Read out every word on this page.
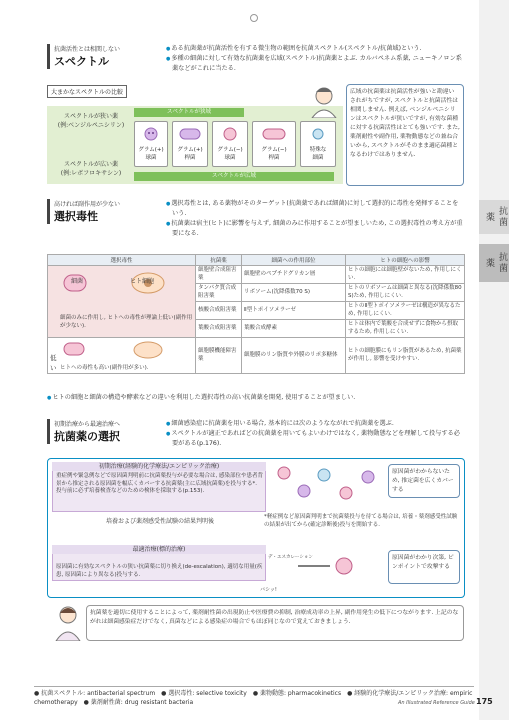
抗菌薬
抗菌薬
抗菌活性とは相関しない
スペクトル

● ある抗菌薬が抗菌活性を有する微生物の範囲を抗菌スペクトル(スペクトル/抗菌域)という.

● 多種の細菌に対して有効な抗菌薬を広域(スペクトル)抗菌薬とよぶ. カルバペネム系薬, ニューキノロン系薬などがこれに当たる.

大まかなスペクトルの比較
スペクトルが狭い薬
(例:ベンジルペニシリン)
スペクトルが広い薬
(例:レボフロキサシン)
スペクトルが狭域
スペクトルが広域
グラム(+)
球菌
グラム(+)
桿菌
グラム(−)
球菌
グラム(−)
桿菌
特殊な
細菌
広域の抗菌薬は抗菌活性が強いと勘違いされがちですが, スペクトルと抗菌活性は相関しません. 例えば, ベンジルペニシリンはスペクトルが狭いですが, 有効な菌種に対する抗菌活性はとても強いです. また, 薬剤耐性や副作用, 薬物動態などの兼ね合いから, スペクトルがそのまま適応菌種となるわけではありません.
高ければ副作用が少ない
選択毒性

● 選択毒性とは, ある薬物がそのターゲット(抗菌薬であれば細菌)に対して選択的に毒性を発揮することをいう.

● 抗菌薬は宿主(ヒト)に影響を与えず, 細菌のみに作用することが望ましいため, この選択毒性の考え方が重要になる.

低い
選択毒性	抗菌薬	細菌への作用部位	ヒトの細胞への影響

細菌のみに作用し, ヒトへの毒性が理論上低い(副作用が少ない).	細胞壁合成阻害薬	細胞壁のペプチドグリカン層	ヒトの細胞には細胞壁がないため, 作用しにくい.
	タンパク質合成阻害薬	リボソーム(沈降係数70 S)	ヒトのリボソームは細菌と異なる(沈降係数80 S)ため, 作用しにくい.
	核酸合成阻害薬	Ⅱ型トポイソメラーゼ	ヒトのⅡ型トポイソメラーゼは構造が異なるため, 作用しにくい.
	葉酸合成阻害薬	葉酸合成酵素	ヒトは体内で葉酸を合成せずに食物から摂取するため, 作用しにくい.

ヒトへの毒性も高い(副作用が多い).	細胞膜機能障害薬	細胞膜のリン脂質や外膜のリポ多糖体	ヒトの細胞膜にもリン脂質があるため, 抗菌薬が作用し, 影響を受けやすい.
細菌	ヒト細胞

● ヒトの細胞と細菌の構造や酵素などの違いを利用した選択毒性の高い抗菌薬を開発, 使用することが望ましい.

初期治療から最適治療へ
抗菌薬の選択

● 細菌感染症に抗菌薬を用いる場合, 基本的には次のようなながれで抗菌薬を選ぶ.

● スペクトルが適正であればどの抗菌薬を用いてもよいわけではなく, 薬物動態などを理解して投与する必要がある(p.176).

初期治療(経験的化学療法/エンピリック治療)

重症例や緊急例などで原因菌判明前に抗菌薬投与が必要な場合は, 感染部位や患者背景から推定される原因菌を幅広くカバーする抗菌薬(主に広域抗菌薬)を投与する*.

投与前に必ず培養検査などのための検体を採取する(p.153).

原因菌がわからないため, 推定菌を広くカバーする
培養および薬剤感受性試験の結果判明後
*軽症例など原因菌判明まで抗菌薬投与を待てる場合は, 培養・薬剤感受性試験の結果が出てから(確定診断後)投与を開始する.
最適治療(標的治療)
デ・エスカレーション

原因菌に有効なスペクトルの狭い抗菌薬に切り換え(de-escalation), 適切な用量(疾患, 原因菌により異なる)投与する.

バシッ!
原因菌がわかり次第, ピンポイントで攻撃する
抗菌薬を適切に使用することによって, 薬剤耐性菌の出現防止や医療費の抑制, 治療成功率の上昇, 副作用発生の低下につながります. 上記のながれは細菌感染症だけでなく, 真菌などによる感染症の場合でもほぼ同じなので覚えておきましょう.
● 抗菌スペクトル: antibacterial spectrum　● 選択毒性: selective toxicity　● 薬物動態: pharmacokinetics　● 経験的化学療法/エンピリック治療: empiric chemotherapy　● 薬剤耐性菌: drug resistant bacteria	An Illustrated Reference Guide 175
